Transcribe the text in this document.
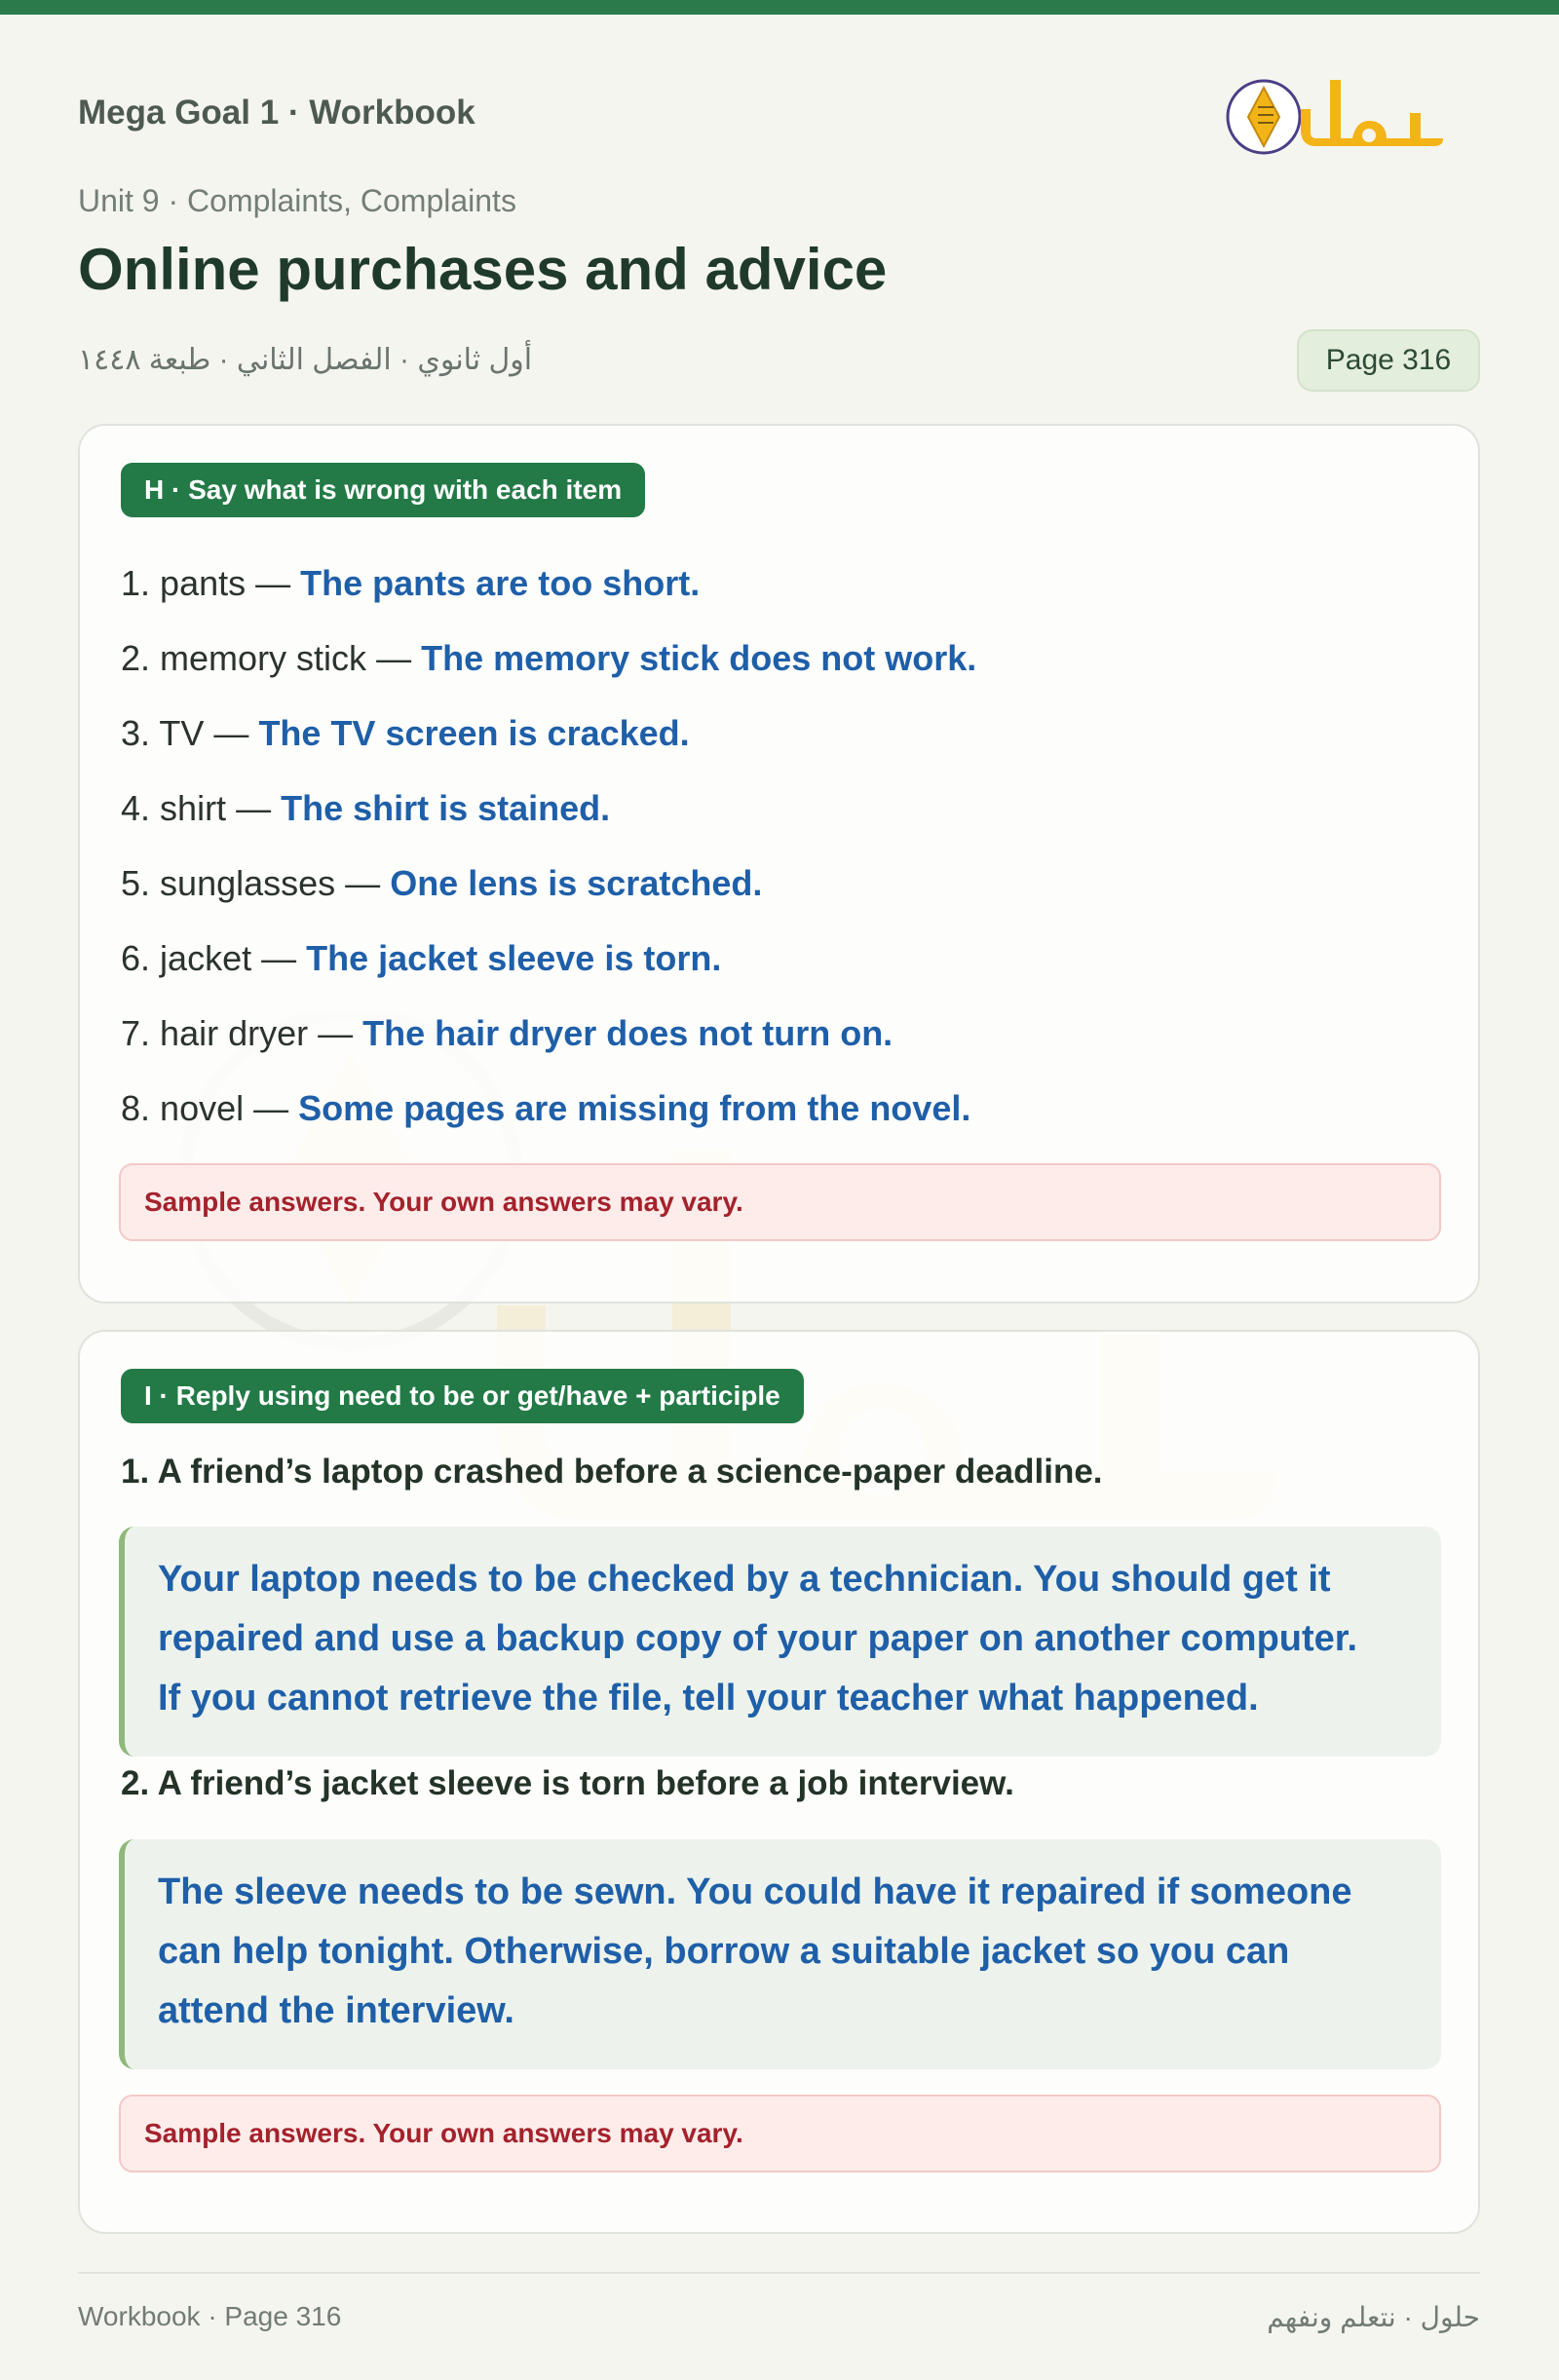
Mega Goal 1 · Workbook
حلول
Unit 9 · Complaints, Complaints
Online purchases and advice
أول ثانوي · الفصل الثاني · طبعة ١٤٤٨	Page 316
H · Say what is wrong with each item
1. pants — The pants are too short.
2. memory stick — The memory stick does not work.
3. TV — The TV screen is cracked.
4. shirt — The shirt is stained.
5. sunglasses — One lens is scratched.
6. jacket — The jacket sleeve is torn.
7. hair dryer — The hair dryer does not turn on.
8. novel — Some pages are missing from the novel.
Sample answers. Your own answers may vary.
I · Reply using need to be or get/have + participle
1. A friend’s laptop crashed before a science-paper deadline.
Your laptop needs to be checked by a technician. You should get it
repaired and use a backup copy of your paper on another computer.
If you cannot retrieve the file, tell your teacher what happened.
2. A friend’s jacket sleeve is torn before a job interview.
The sleeve needs to be sewn. You could have it repaired if someone
can help tonight. Otherwise, borrow a suitable jacket so you can
attend the interview.
Sample answers. Your own answers may vary.
Workbook · Page 316	حلول · نتعلم ونفهم
